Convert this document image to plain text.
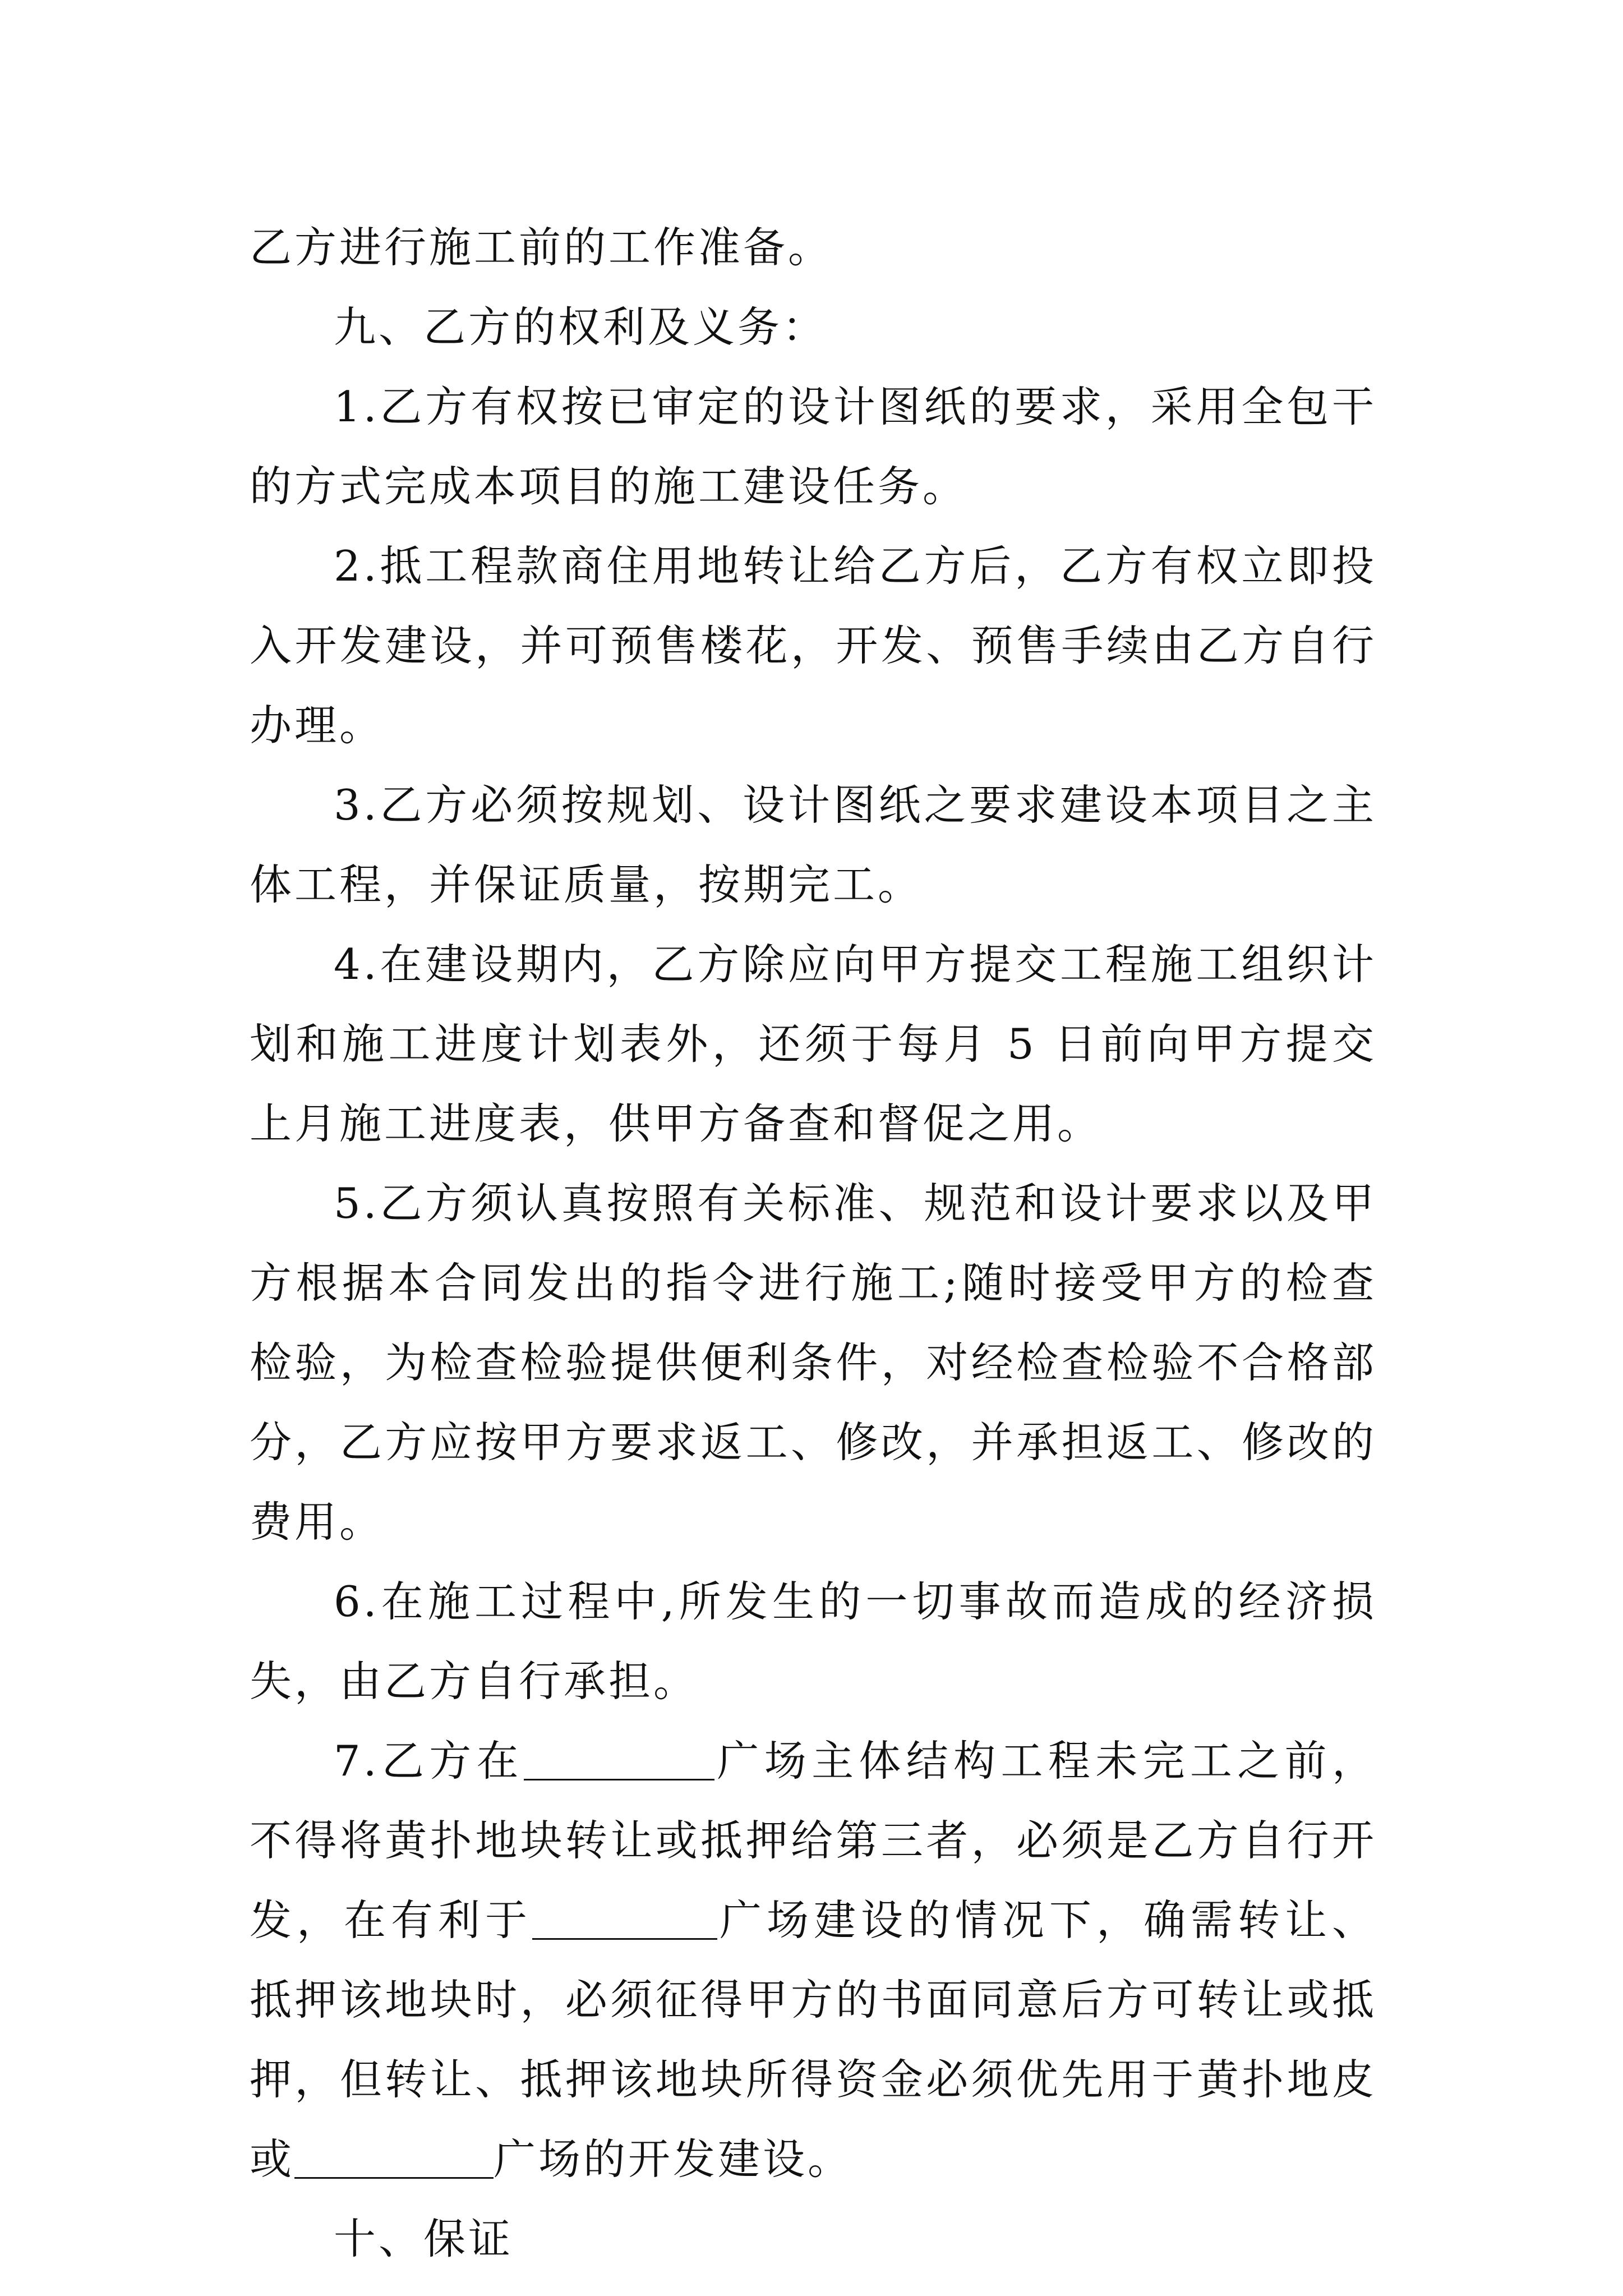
乙方进行施工前的工作准备。

九、乙方的权利及义务：

1.乙方有权按已审定的设计图纸的要求，采用全包干的方式完成本项目的施工建设任务。

2.抵工程款商住用地转让给乙方后，乙方有权立即投入开发建设，并可预售楼花，开发、预售手续由乙方自行办理。

3.乙方必须按规划、设计图纸之要求建设本项目之主体工程，并保证质量，按期完工。

4.在建设期内，乙方除应向甲方提交工程施工组织计划和施工进度计划表外，还须于每月 5 日前向甲方提交上月施工进度表，供甲方备查和督促之用。

5.乙方须认真按照有关标准、规范和设计要求以及甲方根据本合同发出的指令进行施工;随时接受甲方的检查检验，为检查检验提供便利条件，对经检查检验不合格部分，乙方应按甲方要求返工、修改，并承担返工、修改的费用。

6.在施工过程中,所发生的一切事故而造成的经济损失，由乙方自行承担。

7.乙方在	广场主体结构工程未完工之前，不得将黄扑地块转让或抵押给第三者，必须是乙方自行开发，在有利于	广场建设的情况下，确需转让、抵押该地块时，必须征得甲方的书面同意后方可转让或抵押，但转让、抵押该地块所得资金必须优先用于黄扑地皮或	广场的开发建设。

十、保证
